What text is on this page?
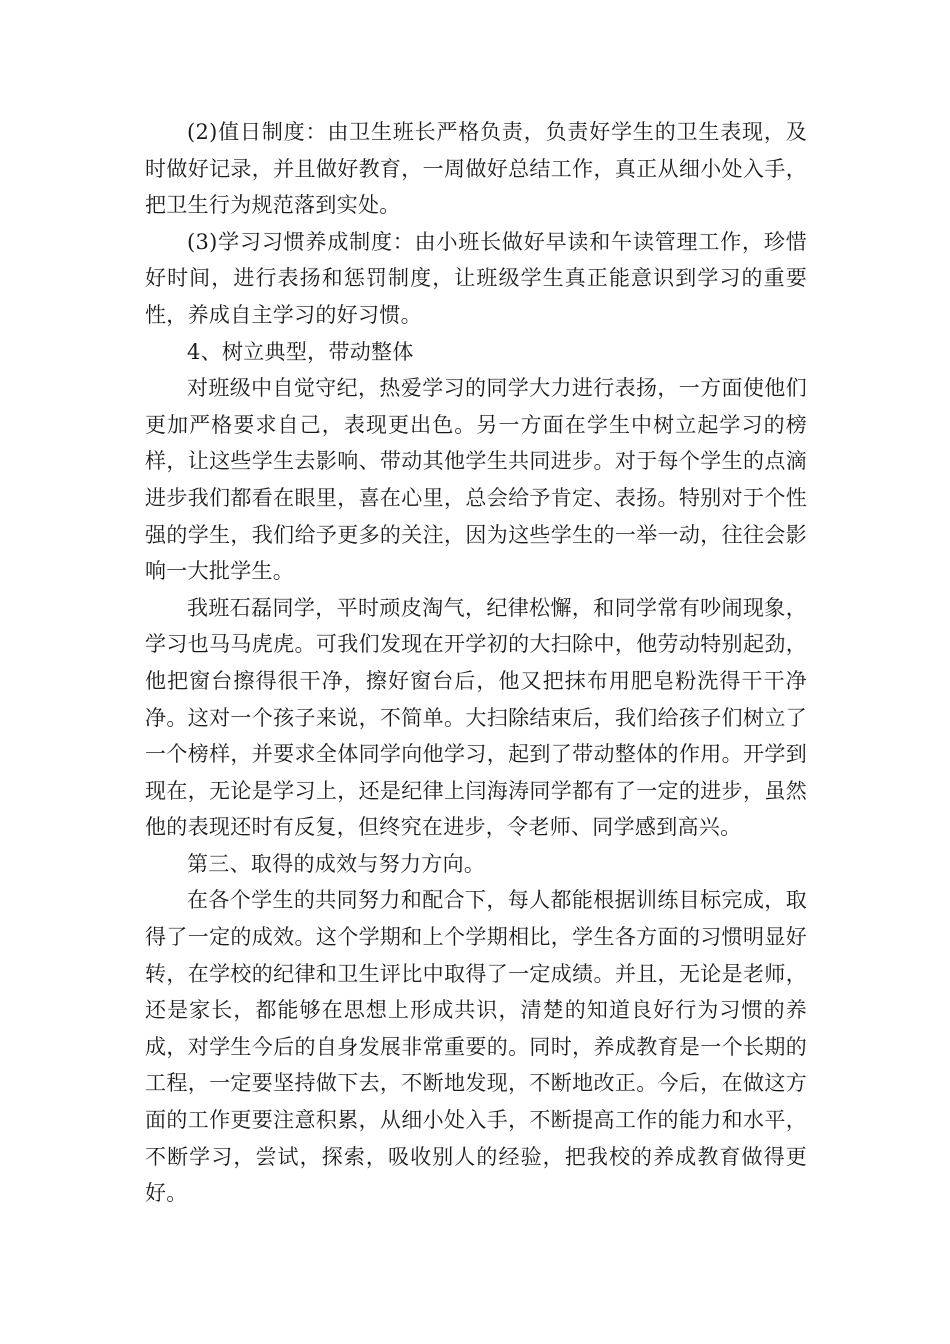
(2)值日制度：由卫生班长严格负责，负责好学生的卫生表现，及时做好记录，并且做好教育，一周做好总结工作，真正从细小处入手，把卫生行为规范落到实处。

(3)学习习惯养成制度：由小班长做好早读和午读管理工作，珍惜好时间，进行表扬和惩罚制度，让班级学生真正能意识到学习的重要性，养成自主学习的好习惯。

4、树立典型，带动整体

对班级中自觉守纪，热爱学习的同学大力进行表扬，一方面使他们更加严格要求自己，表现更出色。另一方面在学生中树立起学习的榜样，让这些学生去影响、带动其他学生共同进步。对于每个学生的点滴进步我们都看在眼里，喜在心里，总会给予肯定、表扬。特别对于个性强的学生，我们给予更多的关注，因为这些学生的一举一动，往往会影响一大批学生。

我班石磊同学，平时顽皮淘气，纪律松懈，和同学常有吵闹现象，学习也马马虎虎。可我们发现在开学初的大扫除中，他劳动特别起劲，他把窗台擦得很干净，擦好窗台后，他又把抹布用肥皂粉洗得干干净净。这对一个孩子来说，不简单。大扫除结束后，我们给孩子们树立了一个榜样，并要求全体同学向他学习，起到了带动整体的作用。开学到现在，无论是学习上，还是纪律上闫海涛同学都有了一定的进步，虽然他的表现还时有反复，但终究在进步，令老师、同学感到高兴。

第三、取得的成效与努力方向。

在各个学生的共同努力和配合下，每人都能根据训练目标完成，取得了一定的成效。这个学期和上个学期相比，学生各方面的习惯明显好转，在学校的纪律和卫生评比中取得了一定成绩。并且，无论是老师，还是家长，都能够在思想上形成共识，清楚的知道良好行为习惯的养成，对学生今后的自身发展非常重要的。同时，养成教育是一个长期的工程，一定要坚持做下去，不断地发现，不断地改正。今后，在做这方面的工作更要注意积累，从细小处入手，不断提高工作的能力和水平，不断学习，尝试，探索，吸收别人的经验，把我校的养成教育做得更好。
